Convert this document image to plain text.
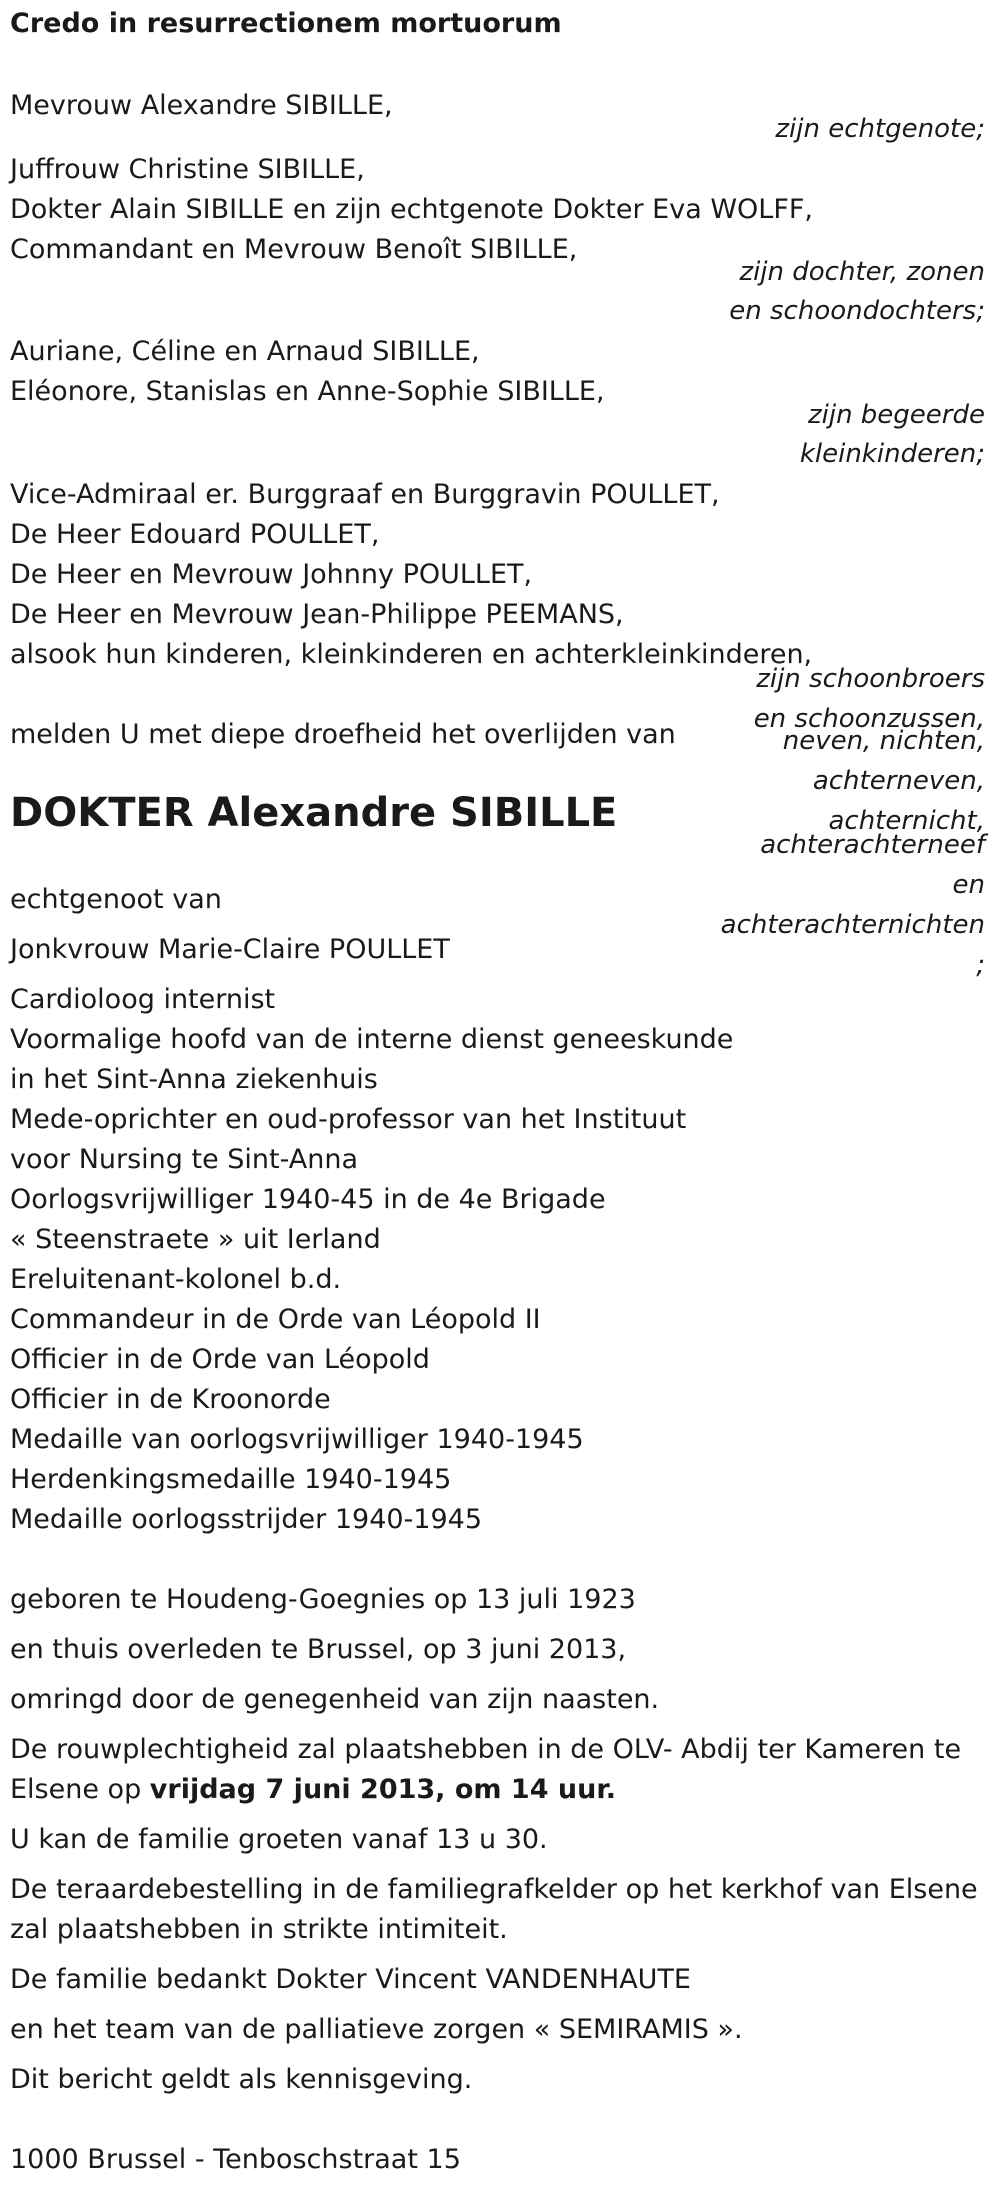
Credo in resurrectionem mortuorum
Mevrouw Alexandre SIBILLE,
zijn echtgenote;
Juffrouw Christine SIBILLE,
Dokter Alain SIBILLE en zijn echtgenote Dokter Eva WOLFF,
Commandant en Mevrouw Benoît SIBILLE,
zijn dochter, zonen
en schoondochters;
Auriane, Céline en Arnaud SIBILLE,
Eléonore, Stanislas en Anne-Sophie SIBILLE,
zijn begeerde
kleinkinderen;
Vice-Admiraal er. Burggraaf en Burggravin POULLET,
De Heer Edouard POULLET,
De Heer en Mevrouw Johnny POULLET,
De Heer en Mevrouw Jean-Philippe PEEMANS,
alsook hun kinderen, kleinkinderen en achterkleinkinderen,
zijn schoonbroers
en schoonzussen,
neven, nichten,
achterneven,
achternicht,
achterachterneef
en
achterachternichten
;
melden U met diepe droefheid het overlijden van
DOKTER Alexandre SIBILLE
echtgenoot van
Jonkvrouw Marie-Claire POULLET
Cardioloog internist
Voormalige hoofd van de interne dienst geneeskunde
in het Sint-Anna ziekenhuis
Mede-oprichter en oud-professor van het Instituut
voor Nursing te Sint-Anna
Oorlogsvrijwilliger 1940-45 in de 4e Brigade
« Steenstraete » uit Ierland
Ereluitenant-kolonel b.d.
Commandeur in de Orde van Léopold II
Officier in de Orde van Léopold
Officier in de Kroonorde
Medaille van oorlogsvrijwilliger 1940-1945
Herdenkingsmedaille 1940-1945
Medaille oorlogsstrijder 1940-1945
geboren te Houdeng-Goegnies op 13 juli 1923
en thuis overleden te Brussel, op 3 juni 2013,
omringd door de genegenheid van zijn naasten.
De rouwplechtigheid zal plaatshebben in de OLV- Abdij ter Kameren te
Elsene op vrijdag 7 juni 2013, om 14 uur.
U kan de familie groeten vanaf 13 u 30.
De teraardebestelling in de familiegrafkelder op het kerkhof van Elsene
zal plaatshebben in strikte intimiteit.
De familie bedankt Dokter Vincent VANDENHAUTE
en het team van de palliatieve zorgen « SEMIRAMIS ».
Dit bericht geldt als kennisgeving.
1000 Brussel - Tenboschstraat 15
